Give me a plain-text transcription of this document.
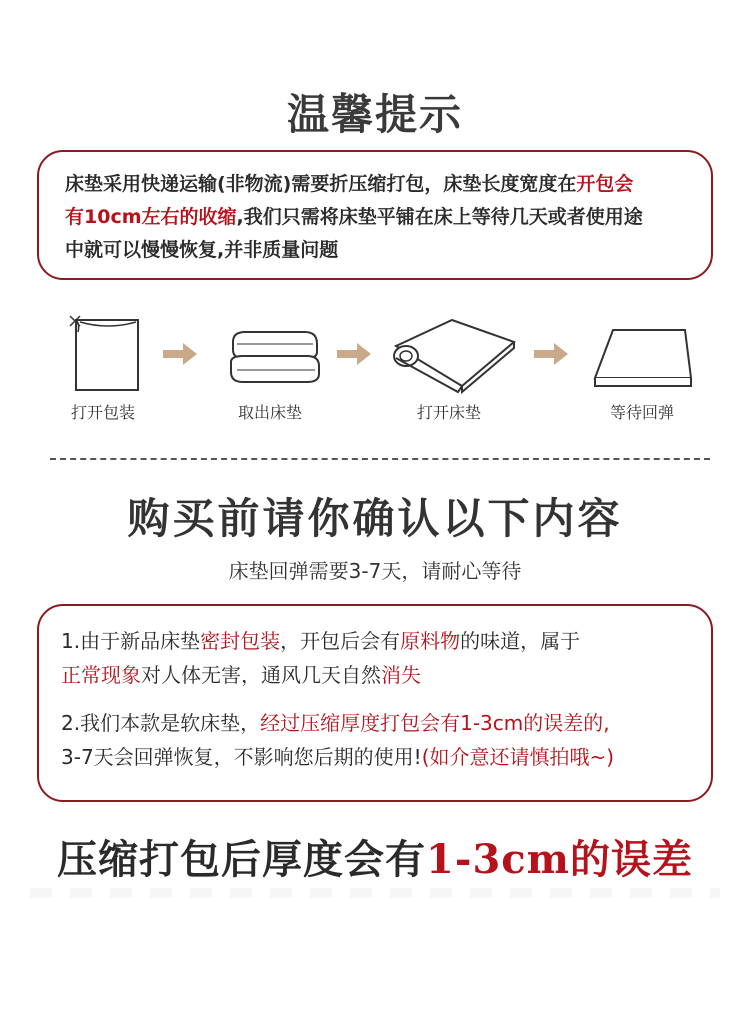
温馨提示

床垫采用快递运输(非物流)需要折压缩打包，床垫长度宽度在开包会

有10cm左右的收缩,我们只需将床垫平铺在床上等待几天或者使用途

中就可以慢慢恢复,并非质量问题

打开包装	取出床垫	打开床垫	等待回弹
购买前请你确认以下内容
床垫回弹需要3-7天，请耐心等待

1.由于新品床垫密封包装，开包后会有原料物的味道，属于

正常现象对人体无害，通风几天自然消失

2.我们本款是软床垫，经过压缩厚度打包会有1-3cm的误差的,

3-7天会回弹恢复，不影响您后期的使用!(如介意还请慎拍哦~)

压缩打包后厚度会有1-3cm的误差
